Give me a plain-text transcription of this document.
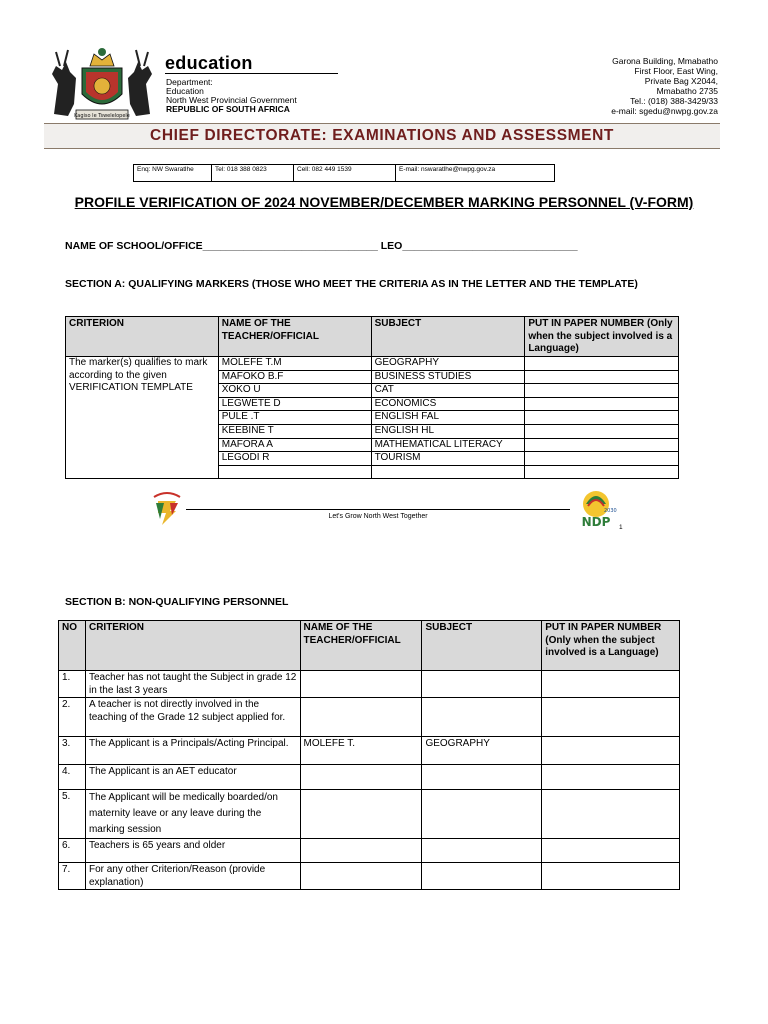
Kagiso le Tswelelopele
education
Department:
Education
North West Provincial Government
REPUBLIC OF SOUTH AFRICA
Garona Building, Mmabatho
First Floor, East Wing,
Private Bag X2044,
Mmabatho 2735
Tel.: (018) 388-3429/33
e-mail: sgedu@nwpg.gov.za
CHIEF DIRECTORATE: EXAMINATIONS AND ASSESSMENT
Enq: NW Swaratlhe	Tel: 018 388 0823	Cell: 082 449 1539	E-mail: nswaratlhe@nwpg.gov.za
PROFILE VERIFICATION OF 2024 NOVEMBER/DECEMBER MARKING PERSONNEL (V-FORM)
NAME OF SCHOOL/OFFICE______________________________ LEO______________________________
SECTION A: QUALIFYING MARKERS (THOSE WHO MEET THE CRITERIA AS IN THE LETTER AND THE TEMPLATE)
CRITERION	NAME OF THE TEACHER/OFFICIAL	SUBJECT	PUT IN PAPER NUMBER (Only when the subject involved is a Language)
The marker(s) qualifies to mark according to the given VERIFICATION TEMPLATE	MOLEFE T.M	GEOGRAPHY	
	MAFOKO B.F	BUSINESS STUDIES	
	XOKO U	CAT	
	LEGWETE D	ECONOMICS	
	PULE .T	ENGLISH FAL	
	KEEBINE T	ENGLISH HL	
	MAFORA A	MATHEMATICAL LITERACY	
	LEGODI R	TOURISM	

Let's Grow North West Together
2030
NDP 1
SECTION B: NON-QUALIFYING PERSONNEL
NO	CRITERION	NAME OF THE TEACHER/OFFICIAL	SUBJECT	PUT IN PAPER NUMBER (Only when the subject involved is a Language)
1.	Teacher has not taught the Subject in grade 12 in the last 3 years			
2.	A teacher is not directly involved in the teaching of the Grade 12 subject applied for.			
3.	The Applicant is a Principals/Acting Principal.	MOLEFE T.	GEOGRAPHY	
4.	The Applicant is an AET educator			
5.	The Applicant will be medically boarded/on maternity leave or any leave during the marking session			
6.	Teachers is 65 years and older			
7.	For any other Criterion/Reason (provide explanation)			
